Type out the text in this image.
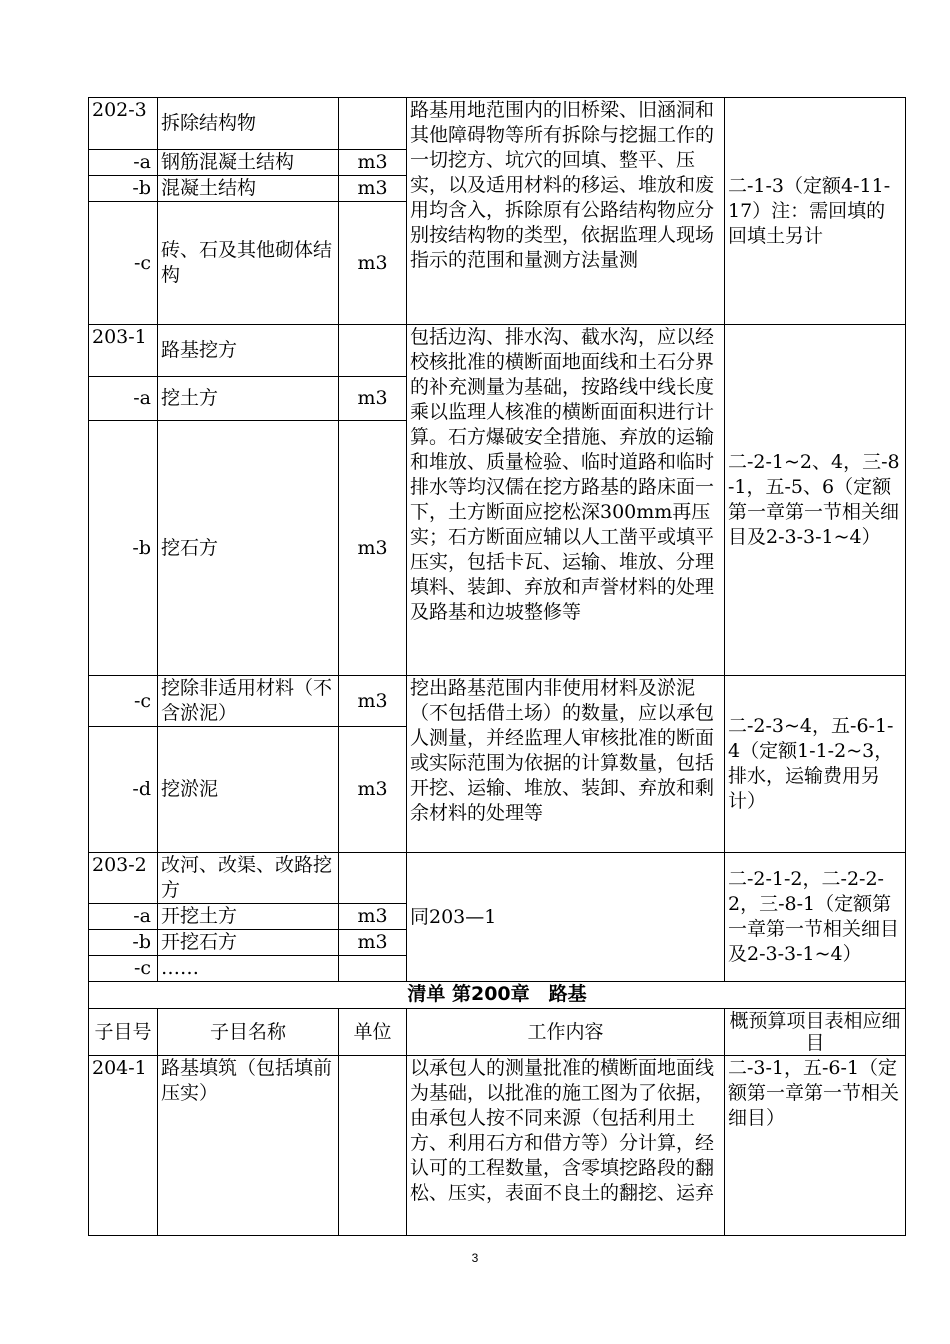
202-3	拆除结构物		路基用地范围内的旧桥梁、旧涵洞和其他障碍物等所有拆除与挖掘工作的一切挖方、坑穴的回填、整平、压实，以及适用材料的移运、堆放和废用均含入，拆除原有公路结构物应分别按结构物的类型，依据监理人现场指示的范围和量测方法量测	二-1-3（定额4-11-17）注：需回填的回填土另计
-a	钢筋混凝土结构	m3		
-b	混凝土结构	m3		
-c	砖、石及其他砌体结构	m3		
203-1	路基挖方		包括边沟、排水沟、截水沟，应以经校核批准的横断面地面线和土石分界的补充测量为基础，按路线中线长度乘以监理人核准的横断面面积进行计算。石方爆破安全措施、弃放的运输和堆放、质量检验、临时道路和临时排水等均汉儒在挖方路基的路床面一下，土方断面应挖松深300mm再压实；石方断面应辅以人工凿平或填平压实，包括卡瓦、运输、堆放、分理填料、装卸、弃放和声誉材料的处理及路基和边坡整修等	二-2-1~2、4，三-8-1，五-5、6（定额第一章第一节相关细目及2-3-3-1~4）
-a	挖土方	m3		
-b	挖石方	m3		
-c	挖除非适用材料（不含淤泥）	m3	挖出路基范围内非使用材料及淤泥（不包括借土场）的数量，应以承包人测量，并经监理人审核批准的断面或实际范围为依据的计算数量，包括开挖、运输、堆放、装卸、弃放和剩余材料的处理等	二-2-3~4，五-6-1-4（定额1-1-2~3，排水，运输费用另计）
-d	挖淤泥	m3		
203-2	改河、改渠、改路挖方		同203—1	二-2-1-2，二-2-2-2，三-8-1（定额第一章第一节相关细目及2-3-3-1~4）
-a	开挖土方	m3		
-b	开挖石方	m3		
-c	……			
清单 第200章　路基				
子目号	子目名称	单位	工作内容	概预算项目表相应细目
204-1	路基填筑（包括填前压实）		以承包人的测量批准的横断面地面线为基础，以批准的施工图为了依据，由承包人按不同来源（包括利用土方、利用石方和借方等）分计算，经认可的工程数量，含零填挖路段的翻松、压实，表面不良土的翻挖、运弃	二-3-1，五-6-1（定额第一章第一节相关细目）
3
